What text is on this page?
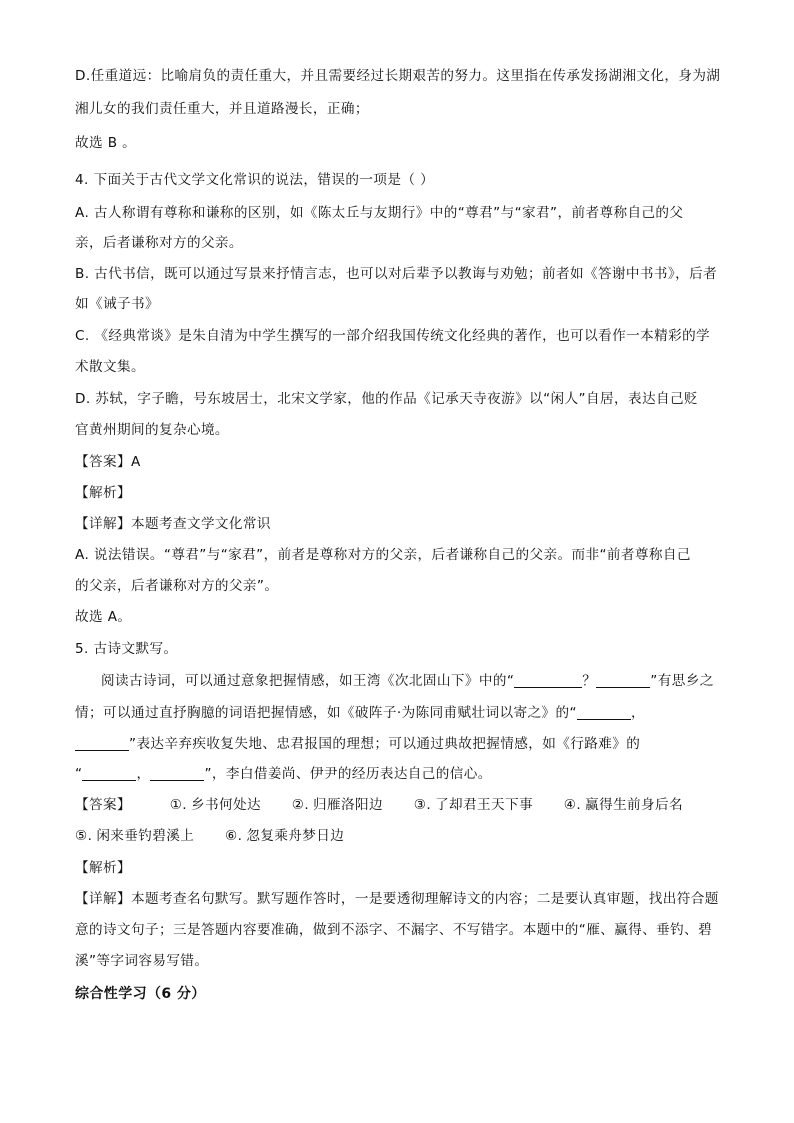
D.任重道远：比喻肩负的责任重大，并且需要经过长期艰苦的努力。这里指在传承发扬湖湘文化，身为湖
湘儿女的我们责任重大，并且道路漫长，正确；
故选 B 。
4. 下面关于古代文学文化常识的说法，错误的一项是（ ）
A. 古人称谓有尊称和谦称的区别，如《陈太丘与友期行》中的“尊君”与“家君”，前者尊称自己的父
亲，后者谦称对方的父亲。
B. 古代书信，既可以通过写景来抒情言志，也可以对后辈予以教诲与劝勉；前者如《答谢中书书》，后者
如《诫子书》
C. 《经典常谈》是朱自清为中学生撰写的一部介绍我国传统文化经典的著作，也可以看作一本精彩的学
术散文集。
D. 苏轼，字子瞻，号东坡居士，北宋文学家，他的作品《记承天寺夜游》以“闲人”自居，表达自己贬
官黄州期间的复杂心境。
【答案】A
【解析】
【详解】本题考查文学文化常识
A. 说法错误。“尊君”与“家君”，前者是尊称对方的父亲，后者谦称自己的父亲。而非“前者尊称自己
的父亲，后者谦称对方的父亲”。
故选 A。
5. 古诗文默写。
阅读古诗词，可以通过意象把握情感，如王湾《次北固山下》中的“	？	”有思乡之
情；可以通过直抒胸臆的词语把握情感，如《破阵子·为陈同甫赋壮词以寄之》的“	，
”表达辛弃疾收复失地、忠君报国的理想；可以通过典故把握情感，如《行路难》的
“	，	”，李白借姜尚、伊尹的经历表达自己的信心。
【答案】	①. 乡书何处达 ②. 归雁洛阳边 ③. 了却君王天下事 ④. 赢得生前身后名
⑤. 闲来垂钓碧溪上 ⑥. 忽复乘舟梦日边
【解析】
【详解】本题考查名句默写。默写题作答时，一是要透彻理解诗文的内容；二是要认真审题，找出符合题
意的诗文句子；三是答题内容要准确，做到不添字、不漏字、不写错字。本题中的“雁、赢得、垂钓、碧
溪”等字词容易写错。
综合性学习（6 分）
